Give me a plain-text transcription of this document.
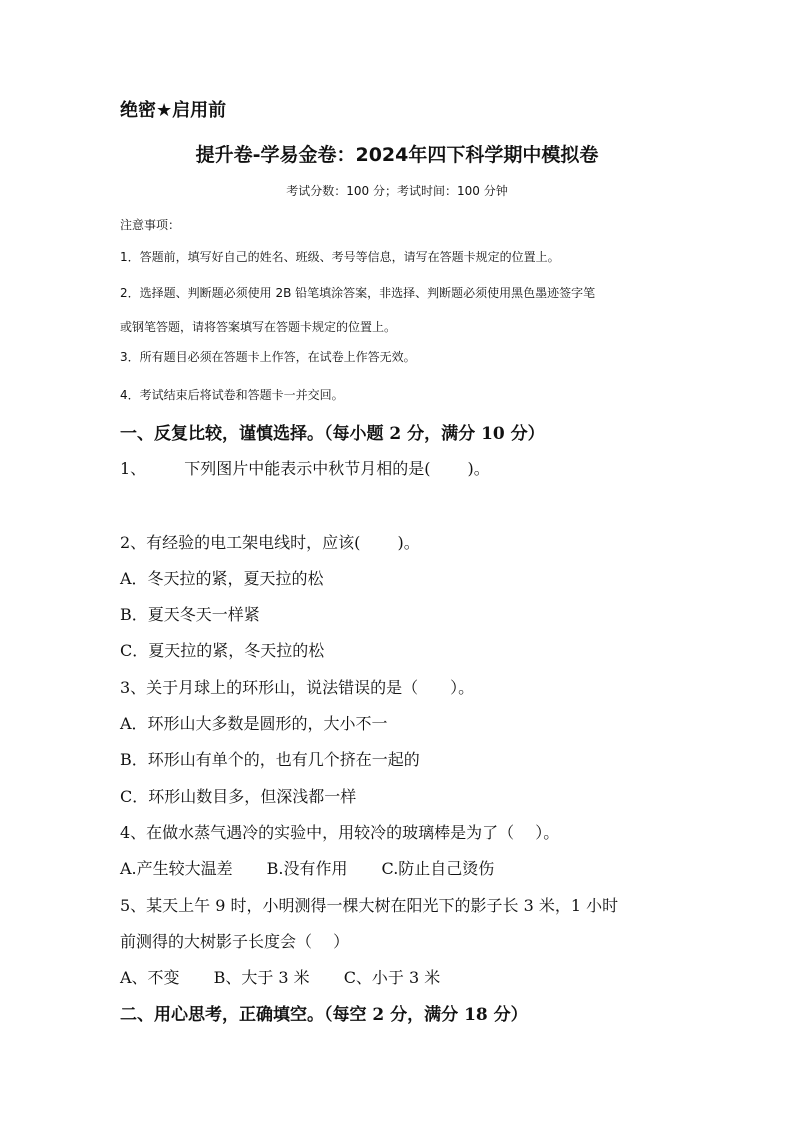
绝密★启用前
提升卷-学易金卷：2024年四下科学期中模拟卷
考试分数：100 分；考试时间：100 分钟
注意事项：
1．答题前，填写好自己的姓名、班级、考号等信息，请写在答题卡规定的位置上。
2．选择题、判断题必须使用 2B 铅笔填涂答案，非选择、判断题必须使用黑色墨迹签字笔
或钢笔答题，请将答案填写在答题卡规定的位置上。
3．所有题目必须在答题卡上作答，在试卷上作答无效。
4．考试结束后将试卷和答题卡一并交回。
一、反复比较，谨慎选择。（每小题 2 分，满分 10 分）
1、 下列图片中能表示中秋节月相的是(　　 )。
2、有经验的电工架电线时，应该(　　 )。
A．冬天拉的紧，夏天拉的松
B．夏天冬天一样紧
C．夏天拉的紧，冬天拉的松
3、关于月球上的环形山，说法错误的是（　　）。
A．环形山大多数是圆形的，大小不一
B．环形山有单个的，也有几个挤在一起的
C．环形山数目多，但深浅都一样
4、在做水蒸气遇冷的实验中，用较冷的玻璃棒是为了（　 ）。
A.产生较大温差 B.没有作用 C.防止自己烫伤
5、某天上午 9 时，小明测得一棵大树在阳光下的影子长 3 米，1 小时
前测得的大树影子长度会（　 ）
A、不变 B、大于 3 米 C、小于 3 米
二、用心思考，正确填空。（每空 2 分，满分 18 分）
